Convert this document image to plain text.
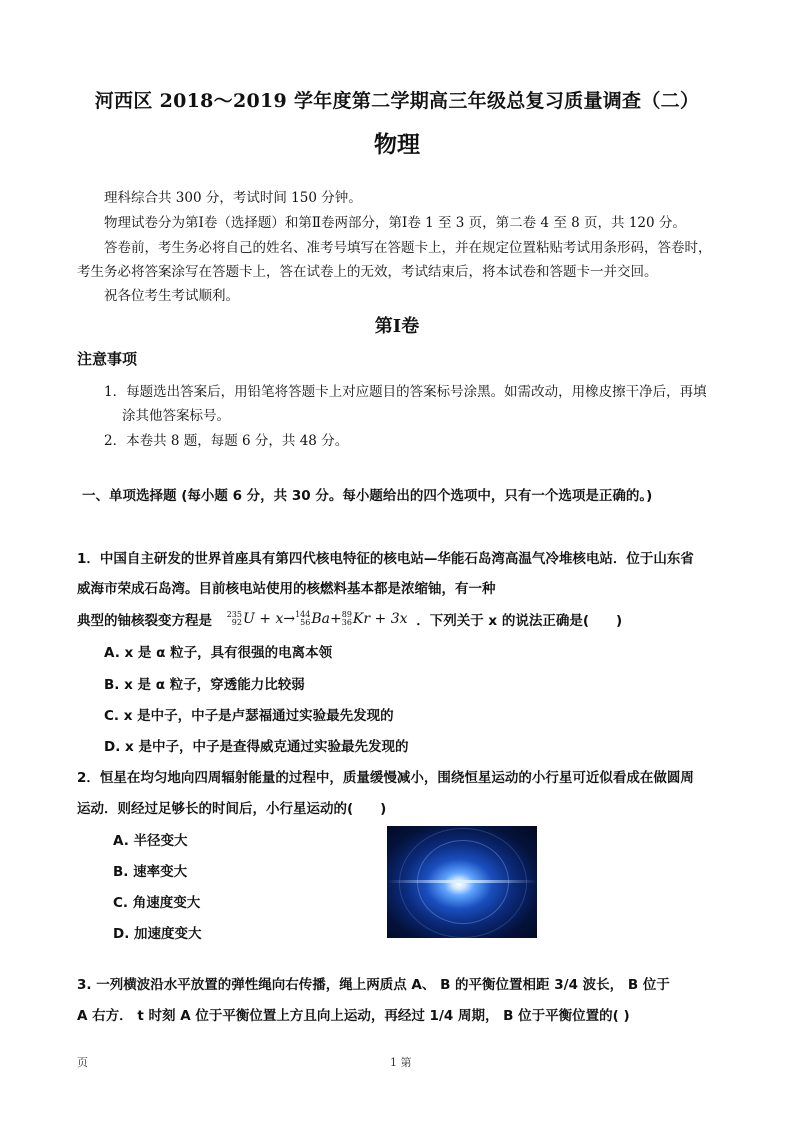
河西区 2018～2019 学年度第二学期高三年级总复习质量调查（二）
物理
理科综合共 300 分，考试时间 150 分钟。
物理试卷分为第Ⅰ卷（选择题）和第Ⅱ卷两部分，第Ⅰ卷 1 至 3 页，第二卷 4 至 8 页，共 120 分。
答卷前，考生务必将自己的姓名、准考号填写在答题卡上，并在规定位置粘贴考试用条形码，答卷时，
考生务必将答案涂写在答题卡上，答在试卷上的无效，考试结束后，将本试卷和答题卡一并交回。
祝各位考生考试顺利。
第Ⅰ卷
注意事项
1．每题选出答案后，用铅笔将答题卡上对应题目的答案标号涂黑。如需改动，用橡皮擦干净后，再填
涂其他答案标号。
2．本卷共 8 题，每题 6 分，共 48 分。
一、单项选择题 (每小题 6 分，共 30 分。每小题给出的四个选项中，只有一个选项是正确的。)
1．中国自主研发的世界首座具有第四代核电特征的核电站—华能石岛湾高温气冷堆核电站．位于山东省
威海市荣成石岛湾。目前核电站使用的核燃料基本都是浓缩铀，有一种
典型的铀核裂变方程是 235
92U + x→144
56Ba+89
36Kr + 3x ．下列关于 x 的说法正确是(　　)
A. x 是 α 粒子，具有很强的电离本领
B. x 是 α 粒子，穿透能力比较弱
C. x 是中子，中子是卢瑟福通过实验最先发现的
D. x 是中子，中子是查得威克通过实验最先发现的
2．恒星在均匀地向四周辐射能量的过程中，质量缓慢减小，围绕恒星运动的小行星可近似看成在做圆周
运动．则经过足够长的时间后，小行星运动的(　　)
A. 半径变大
B. 速率变大
C. 角速度变大
D. 加速度变大
3. 一列横波沿水平放置的弹性绳向右传播，绳上两质点 A、 B 的平衡位置相距 3/4 波长， B 位于
A 右方． t 时刻 A 位于平衡位置上方且向上运动，再经过 1/4 周期， B 位于平衡位置的( )
页	1 第
